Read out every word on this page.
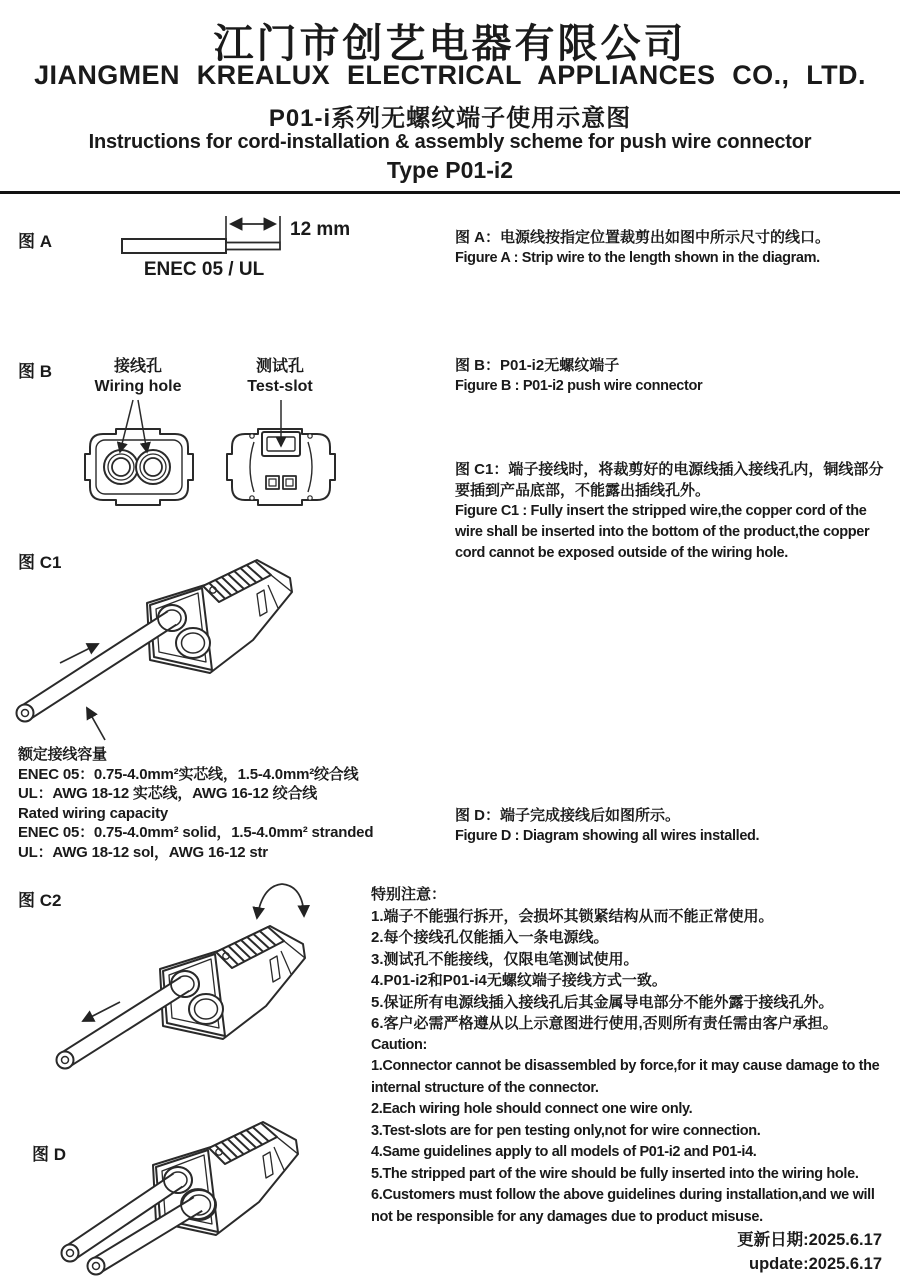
江门市创艺电器有限公司
JIANGMEN KREALUX ELECTRICAL APPLIANCES CO., LTD.
P01-i系列无螺纹端子使用示意图
Instructions for cord-installation & assembly scheme for push wire connector
Type P01-i2
图 A
12 mm
ENEC 05 / UL
图 A：电源线按指定位置裁剪出如图中所示尺寸的线口。
Figure A : Strip wire to the length shown in the diagram.
图 B	接线孔
Wiring hole
测试孔
Test-slot
图 B：P01-i2无螺纹端子
Figure B : P01-i2 push wire connector
图 C1
图 C1：端子接线时，将裁剪好的电源线插入接线孔内，铜线部分要插到产品底部，不能露出插线孔外。
Figure C1 : Fully insert the stripped wire,the copper cord of the wire shall be inserted into the bottom of the product,the copper cord cannot be exposed outside of the wiring hole.
额定接线容量
ENEC 05：0.75-4.0mm²实芯线，1.5-4.0mm²绞合线
UL：AWG 18-12 实芯线，AWG 16-12 绞合线
Rated wiring capacity
ENEC 05：0.75-4.0mm² solid，1.5-4.0mm² stranded
UL：AWG 18-12 sol，AWG 16-12 str
图 D：端子完成接线后如图所示。
Figure D : Diagram showing all wires installed.
图 C2	特别注意：
1.端子不能强行拆开，会损坏其锁紧结构从而不能正常使用。
2.每个接线孔仅能插入一条电源线。
3.测试孔不能接线，仅限电笔测试使用。
4.P01-i2和P01-i4无螺纹端子接线方式一致。
5.保证所有电源线插入接线孔后其金属导电部分不能外露于接线孔外。
6.客户必需严格遵从以上示意图进行使用,否则所有责任需由客户承担。
Caution:
1.Connector cannot be disassembled by force,for it may cause damage to the internal structure of the connector.
2.Each wiring hole should connect one wire only.
3.Test-slots are for pen testing only,not for wire connection.
4.Same guidelines apply to all models of P01-i2 and P01-i4.
5.The stripped part of the wire should be fully inserted into the wiring hole.
6.Customers must follow the above guidelines during installation,and we will not be responsible for any damages due to product misuse.
图 D
更新日期:2025.6.17
update:2025.6.17
